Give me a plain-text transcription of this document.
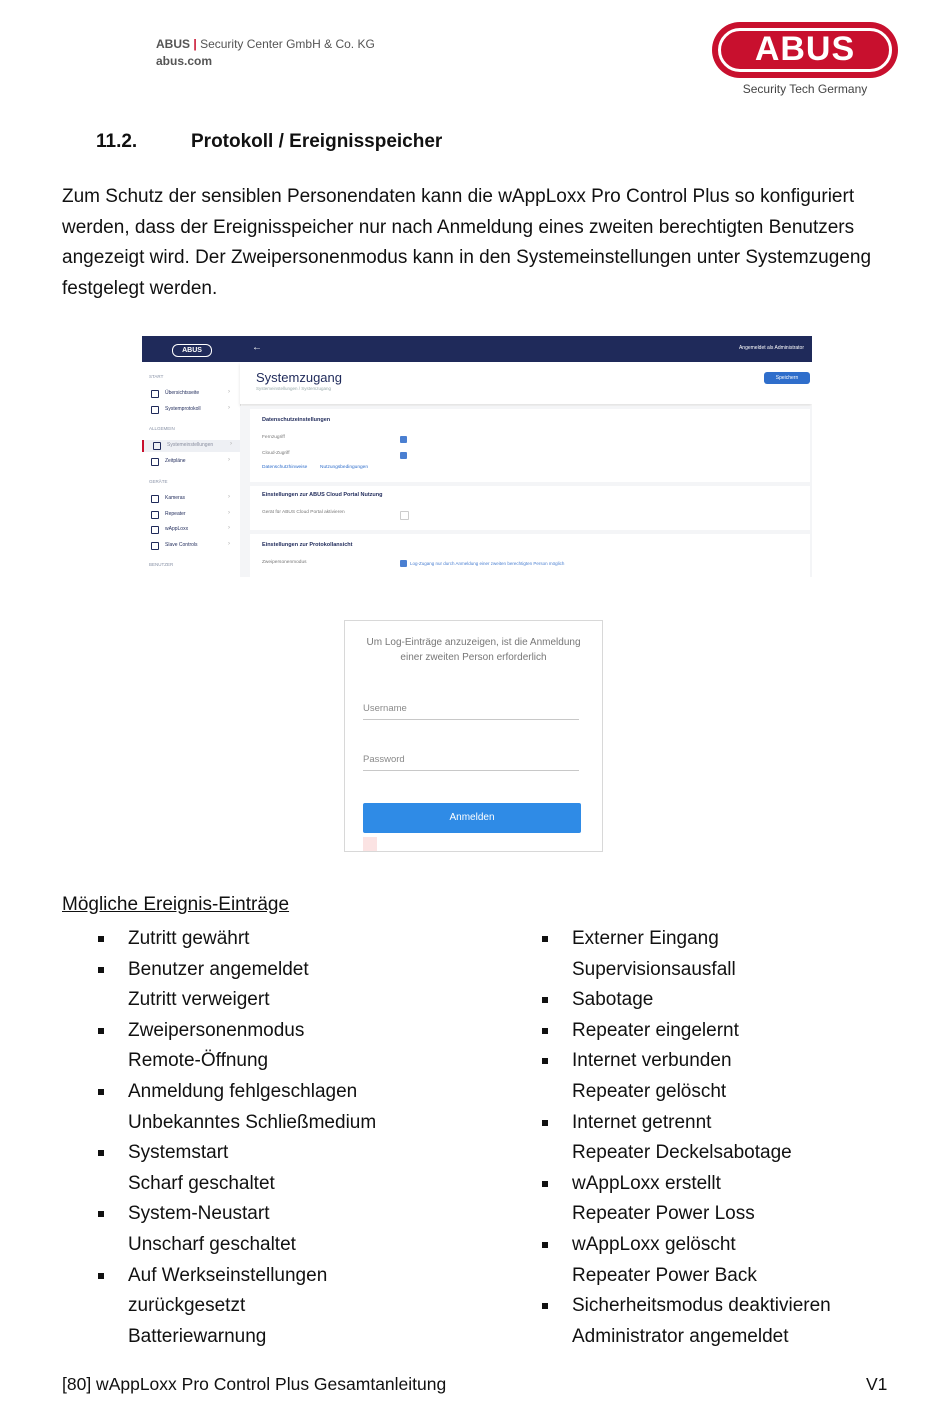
ABUS | Security Center GmbH & Co. KG
abus.com	ABUS
Security Tech Germany
11.2.	Protokoll / Ereignisspeicher
Zum Schutz der sensiblen Personendaten kann die wAppLoxx Pro Control Plus so konfiguriert werden, dass der Ereignisspeicher nur nach Anmeldung eines zweiten berechtigten Benutzers angezeigt wird. Der Zweipersonenmodus kann in den Systemeinstellungen unter Systemzugeng festgelegt werden.
ABUS
START
Übersichtsseite	›
Systemprotokoll	›
ALLGEMEIN
Systemeinstellungen	›
Zeitpläne	›
GERÄTE
Kameras	›
Repeater	›
wAppLoxx	›
Slave Controls	›
BENUTZER
←	Angemeldet als Administrator
Systemzugang
Systemeinstellungen / Systemzugang
Speichern
Datenschutzeinstellungen
Fernzugriff
Cloud-Zugriff
Datenschutzhinweise	Nutzungsbedingungen
Einstellungen zur ABUS Cloud Portal Nutzung
Gerät für ABUS Cloud Portal aktivieren
Einstellungen zur Protokollansicht
Zweipersonenmodus	Log-Zugang nur durch Anmeldung einer zweiten berechtigten Person möglich
Um Log-Einträge anzuzeigen, ist die Anmeldung
einer zweiten Person erforderlich
Username
Password
Anmelden
Mögliche Ereignis-Einträge
Zutritt gewährt
Benutzer angemeldet
Zutritt verweigert
Zweipersonenmodus
Remote-Öffnung
Anmeldung fehlgeschlagen
Unbekanntes Schließmedium
Systemstart
Scharf geschaltet
System-Neustart
Unscharf geschaltet
Auf Werkseinstellungen
zurückgesetzt
Batteriewarnung
Externer Eingang
Supervisionsausfall
Sabotage
Repeater eingelernt
Internet verbunden
Repeater gelöscht
Internet getrennt
Repeater Deckelsabotage
wAppLoxx erstellt
Repeater Power Loss
wAppLoxx gelöscht
Repeater Power Back
Sicherheitsmodus deaktivieren
Administrator angemeldet
[80] wAppLoxx Pro Control Plus Gesamtanleitung	V1
